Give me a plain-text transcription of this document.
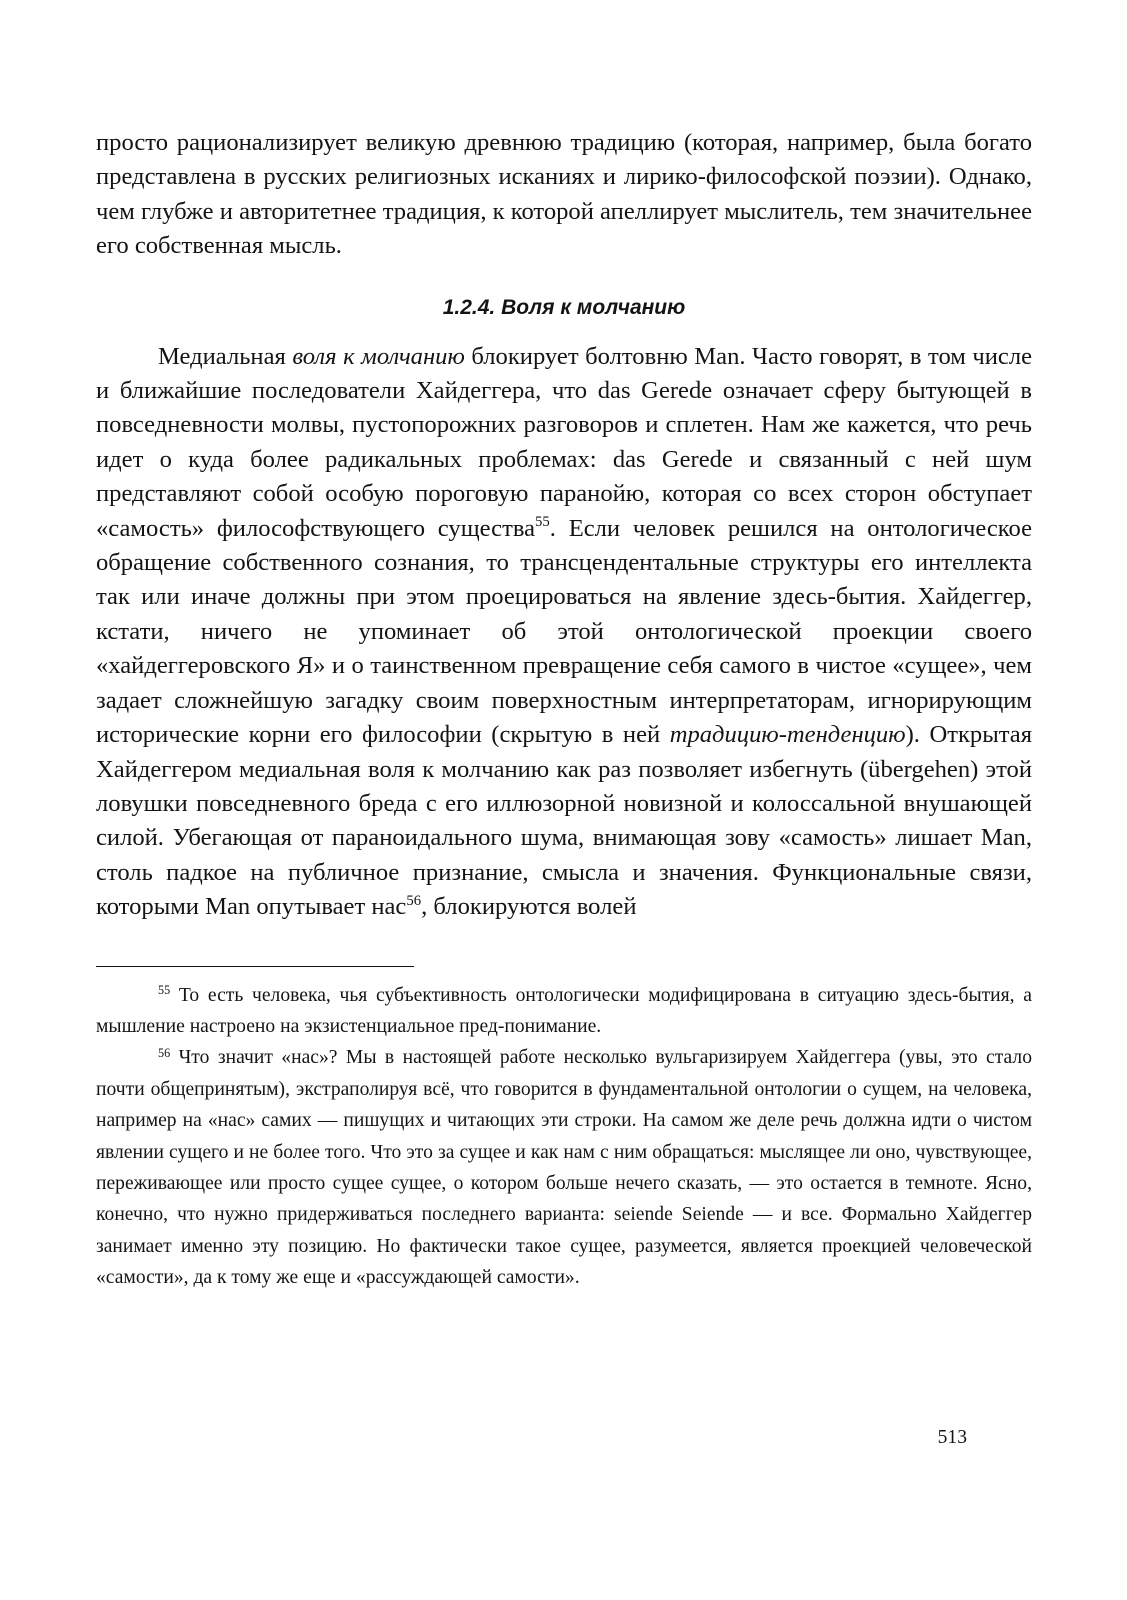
просто рационализирует великую древнюю традицию (которая, например, была богато представлена в русских религиозных исканиях и лирико-философской поэзии). Однако, чем глубже и авторитетнее традиция, к которой апеллирует мыслитель, тем значительнее его собственная мысль.

1.2.4. Воля к молчанию

Медиальная воля к молчанию блокирует болтовню Man. Часто говорят, в том числе и ближайшие последователи Хайдеггера, что das Gerede означает сферу бытующей в повседневности молвы, пустопорожних разговоров и сплетен. Нам же кажется, что речь идет о куда более радикальных проблемах: das Gerede и связанный с ней шум представляют собой особую пороговую паранойю, которая со всех сторон обступает «самость» философствующего существа$^{55}$. Если человек решился на онтологическое обращение собственного сознания, то трансцендентальные структуры его интеллекта так или иначе должны при этом проецироваться на явление здесь-бытия. Хайдеггер, кстати, ничего не упоминает об этой онтологической проекции своего «хайдеггеровского Я» и о таинственном превращение себя самого в чистое «сущее», чем задает сложнейшую загадку своим поверхностным интерпретаторам, игнорирующим исторические корни его философии (скрытую в ней традицию-тенденцию). Открытая Хайдеггером медиальная воля к молчанию как раз позволяет избегнуть (übergehen) этой ловушки повседневного бреда с его иллюзорной новизной и колоссальной внушающей силой. Убегающая от параноидального шума, внимающая зову «самость» лишает Man, столь падкое на публичное признание, смысла и значения. Функциональные связи, которыми Man опутывает нас$^{56}$, блокируются волей

$^{55}$ То есть человека, чья субъективность онтологически модифицирована в ситуацию здесь-бытия, а мышление настроено на экзистенциальное пред-понимание.

$^{56}$ Что значит «нас»? Мы в настоящей работе несколько вульгаризируем Хайдеггера (увы, это стало почти общепринятым), экстраполируя всё, что говорится в фундаментальной онтологии о сущем, на человека, например на «нас» самих — пишущих и читающих эти строки. На самом же деле речь должна идти о чистом явлении сущего и не более того. Что это за сущее и как нам с ним обращаться: мыслящее ли оно, чувствующее, переживающее или просто сущее сущее, о котором больше нечего сказать, — это остается в темноте. Ясно, конечно, что нужно придерживаться последнего варианта: seiende Seiende — и все. Формально Хайдеггер занимает именно эту позицию. Но фактически такое сущее, разумеется, является проекцией человеческой «самости», да к тому же еще и «рассуждающей самости».

513
